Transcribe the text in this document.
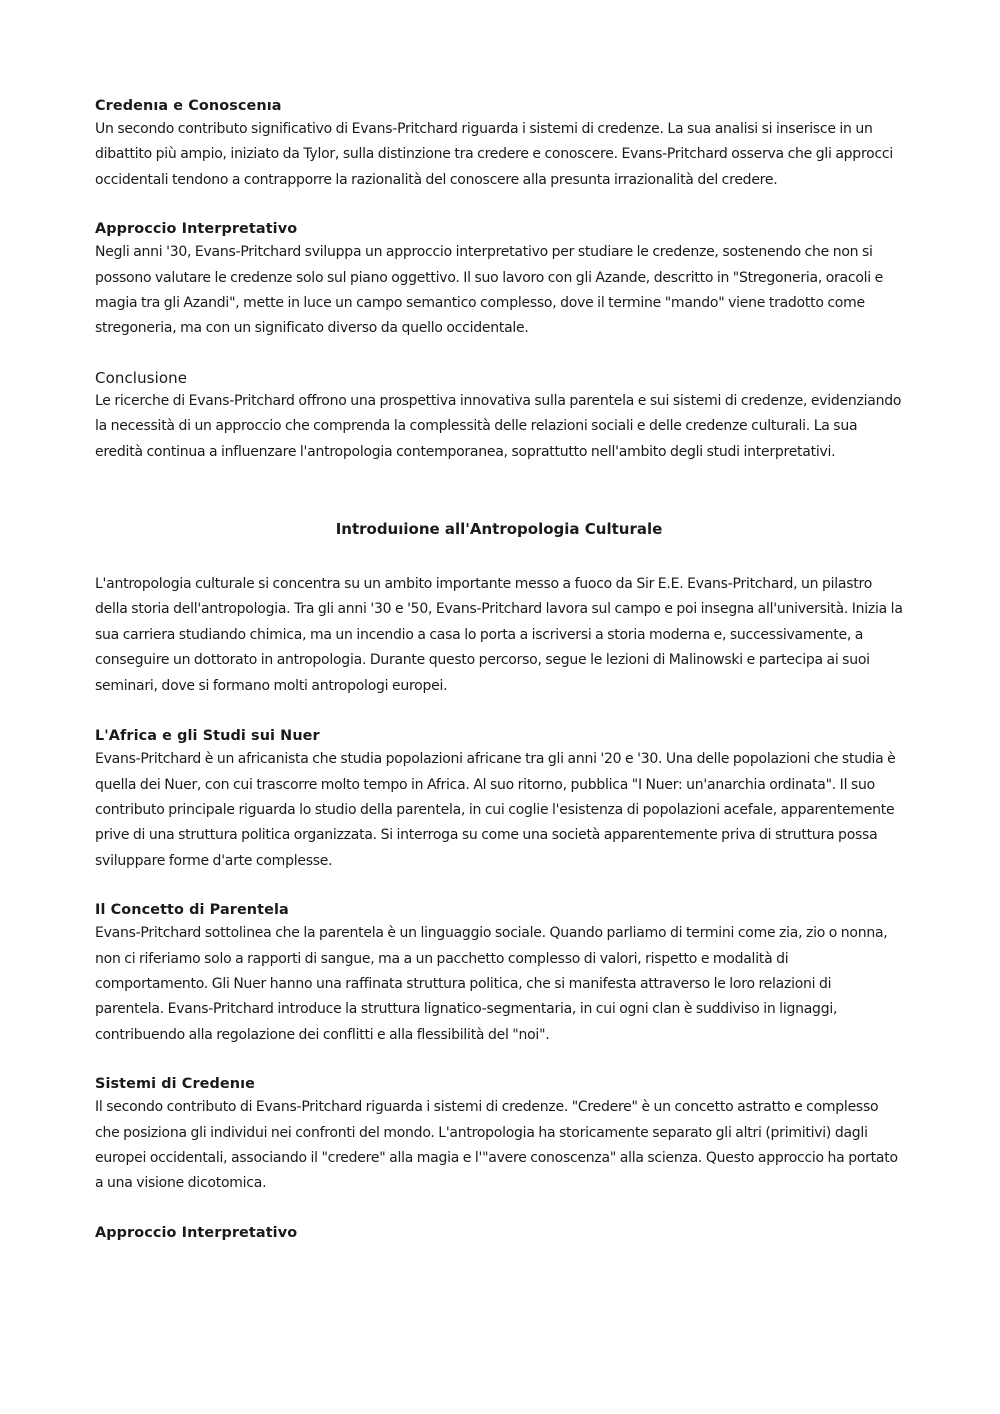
Credenıa e Conoscenıa

Un secondo contributo significativo di Evans-Pritchard riguarda i sistemi di credenze. La sua analisi si inserisce in un dibattito più ampio, iniziato da Tylor, sulla distinzione tra credere e conoscere. Evans-Pritchard osserva che gli approcci occidentali tendono a contrapporre la razionalità del conoscere alla presunta irrazionalità del credere.

Approccio Interpretativo

Negli anni '30, Evans-Pritchard sviluppa un approccio interpretativo per studiare le credenze, sostenendo che non si possono valutare le credenze solo sul piano oggettivo. Il suo lavoro con gli Azande, descritto in "Stregoneria, oracoli e magia tra gli Azandi", mette in luce un campo semantico complesso, dove il termine "mando" viene tradotto come stregoneria, ma con un significato diverso da quello occidentale.

Conclusione

Le ricerche di Evans-Pritchard offrono una prospettiva innovativa sulla parentela e sui sistemi di credenze, evidenziando la necessità di un approccio che comprenda la complessità delle relazioni sociali e delle credenze culturali. La sua eredità continua a influenzare l'antropologia contemporanea, soprattutto nell'ambito degli studi interpretativi.

Introduıione all'Antropologia Culturale

L'antropologia culturale si concentra su un ambito importante messo a fuoco da Sir E.E. Evans-Pritchard, un pilastro della storia dell'antropologia. Tra gli anni '30 e '50, Evans-Pritchard lavora sul campo e poi insegna all'università. Inizia la sua carriera studiando chimica, ma un incendio a casa lo porta a iscriversi a storia moderna e, successivamente, a conseguire un dottorato in antropologia. Durante questo percorso, segue le lezioni di Malinowski e partecipa ai suoi seminari, dove si formano molti antropologi europei.

L'Africa e gli Studi sui Nuer

Evans-Pritchard è un africanista che studia popolazioni africane tra gli anni '20 e '30. Una delle popolazioni che studia è quella dei Nuer, con cui trascorre molto tempo in Africa. Al suo ritorno, pubblica "I Nuer: un'anarchia ordinata". Il suo contributo principale riguarda lo studio della parentela, in cui coglie l'esistenza di popolazioni acefale, apparentemente prive di una struttura politica organizzata. Si interroga su come una società apparentemente priva di struttura possa sviluppare forme d'arte complesse.

Il Concetto di Parentela

Evans-Pritchard sottolinea che la parentela è un linguaggio sociale. Quando parliamo di termini come zia, zio o nonna, non ci riferiamo solo a rapporti di sangue, ma a un pacchetto complesso di valori, rispetto e modalità di comportamento. Gli Nuer hanno una raffinata struttura politica, che si manifesta attraverso le loro relazioni di parentela. Evans-Pritchard introduce la struttura lignatico-segmentaria, in cui ogni clan è suddiviso in lignaggi, contribuendo alla regolazione dei conflitti e alla flessibilità del "noi".

Sistemi di Credenıe

Il secondo contributo di Evans-Pritchard riguarda i sistemi di credenze. "Credere" è un concetto astratto e complesso che posiziona gli individui nei confronti del mondo. L'antropologia ha storicamente separato gli altri (primitivi) dagli europei occidentali, associando il "credere" alla magia e l'"avere conoscenza" alla scienza. Questo approccio ha portato a una visione dicotomica.

Approccio Interpretativo
